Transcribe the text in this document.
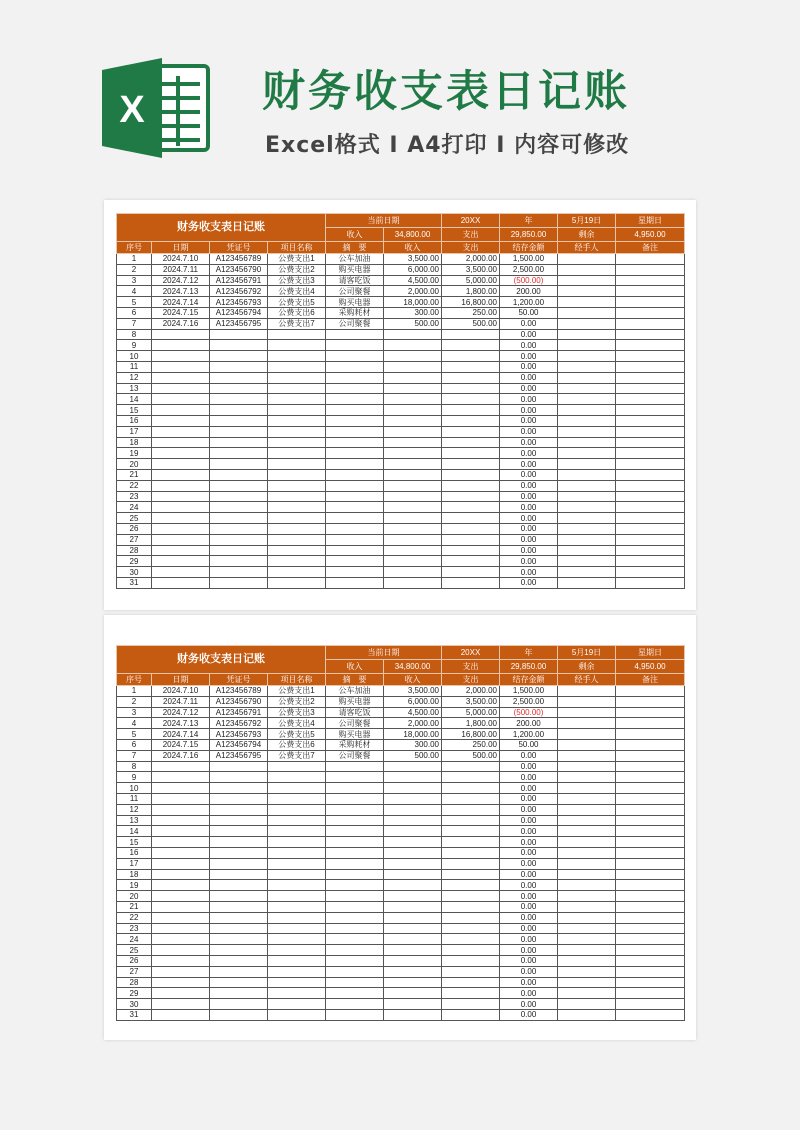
X	财务收支表日记账
Excel格式 I A4打印 I 内容可修改
财务收支表日记账				当前日期		20XX	年	5月19日	星期日
				收入	34,800.00	支出	29,850.00	剩余	4,950.00
序号	日期	凭证号	项目名称	摘　要	收入	支出	结存金额	经手人	备注
1	2024.7.10	A123456789	公费支出1	公车加油	3,500.00	2,000.00	1,500.00		
2	2024.7.11	A123456790	公费支出2	购买电器	6,000.00	3,500.00	2,500.00		
3	2024.7.12	A123456791	公费支出3	请客吃饭	4,500.00	5,000.00	(500.00)		
4	2024.7.13	A123456792	公费支出4	公司聚餐	2,000.00	1,800.00	200.00		
5	2024.7.14	A123456793	公费支出5	购买电器	18,000.00	16,800.00	1,200.00		
6	2024.7.15	A123456794	公费支出6	采购耗材	300.00	250.00	50.00		
7	2024.7.16	A123456795	公费支出7	公司聚餐	500.00	500.00	0.00		
8							0.00		
9							0.00		
10							0.00		
11							0.00		
12							0.00		
13							0.00		
14							0.00		
15							0.00		
16							0.00		
17							0.00		
18							0.00		
19							0.00		
20							0.00		
21							0.00		
22							0.00		
23							0.00		
24							0.00		
25							0.00		
26							0.00		
27							0.00		
28							0.00		
29							0.00		
30							0.00		
31							0.00		
财务收支表日记账				当前日期		20XX	年	5月19日	星期日
				收入	34,800.00	支出	29,850.00	剩余	4,950.00
序号	日期	凭证号	项目名称	摘　要	收入	支出	结存金额	经手人	备注
1	2024.7.10	A123456789	公费支出1	公车加油	3,500.00	2,000.00	1,500.00		
2	2024.7.11	A123456790	公费支出2	购买电器	6,000.00	3,500.00	2,500.00		
3	2024.7.12	A123456791	公费支出3	请客吃饭	4,500.00	5,000.00	(500.00)		
4	2024.7.13	A123456792	公费支出4	公司聚餐	2,000.00	1,800.00	200.00		
5	2024.7.14	A123456793	公费支出5	购买电器	18,000.00	16,800.00	1,200.00		
6	2024.7.15	A123456794	公费支出6	采购耗材	300.00	250.00	50.00		
7	2024.7.16	A123456795	公费支出7	公司聚餐	500.00	500.00	0.00		
8							0.00		
9							0.00		
10							0.00		
11							0.00		
12							0.00		
13							0.00		
14							0.00		
15							0.00		
16							0.00		
17							0.00		
18							0.00		
19							0.00		
20							0.00		
21							0.00		
22							0.00		
23							0.00		
24							0.00		
25							0.00		
26							0.00		
27							0.00		
28							0.00		
29							0.00		
30							0.00		
31							0.00		
